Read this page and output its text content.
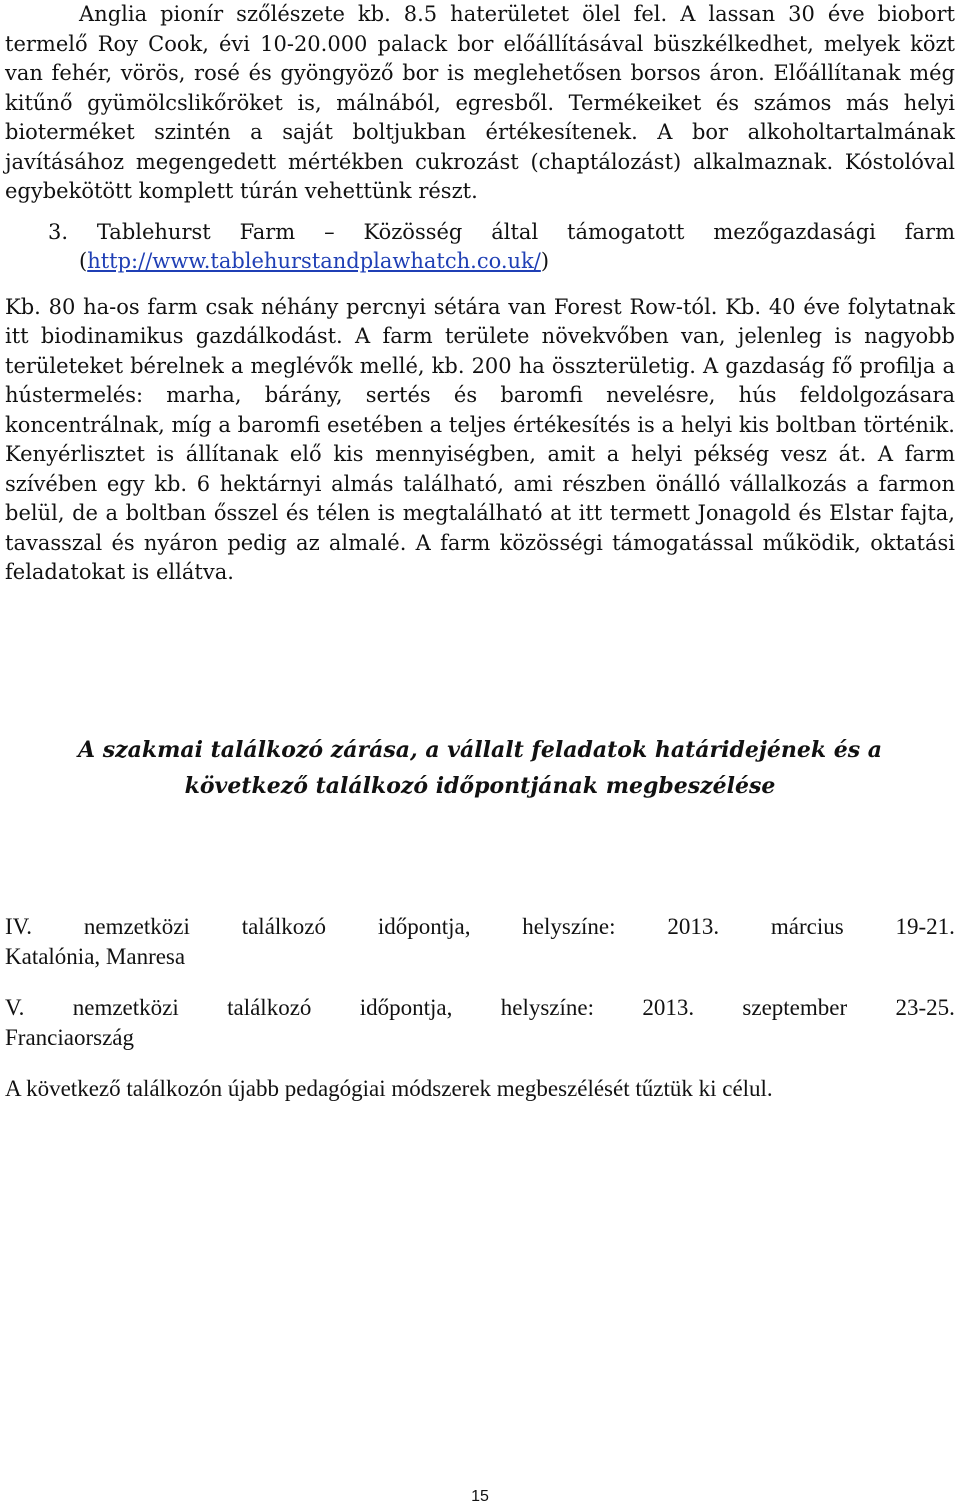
Anglia pionír szőlészete kb. 8.5 haterületet ölel fel. A lassan 30 éve biobort termelő Roy Cook, évi 10-20.000 palack bor előállításával büszkélkedhet, melyek közt van fehér, vörös, rosé és gyöngyöző bor is meglehetősen borsos áron. Előállítanak még kitűnő gyümölcslikőröket is, málnából, egresből. Termékeiket és számos más helyi bioterméket szintén a saját boltjukban értékesítenek. A bor alkoholtartalmának javításához megengedett mértékben cukrozást (chaptálozást) alkalmaznak. Kóstolóval egybekötött komplett túrán vehettünk részt.

3. Tablehurst Farm – Közösség által támogatott mezőgazdasági farm
(http://www.tablehurstandplawhatch.co.uk/)

Kb. 80 ha-os farm csak néhány percnyi sétára van Forest Row-tól. Kb. 40 éve folytatnak itt biodinamikus gazdálkodást. A farm területe növekvőben van, jelenleg is nagyobb területeket bérelnek a meglévők mellé, kb. 200 ha összterületig. A gazdaság fő profilja a hústermelés: marha, bárány, sertés és baromfi nevelésre, hús feldolgozásara koncentrálnak, míg a baromfi esetében a teljes értékesítés is a helyi kis boltban történik. Kenyérlisztet is állítanak elő kis mennyiségben, amit a helyi pékség vesz át. A farm szívében egy kb. 6 hektárnyi almás található, ami részben önálló vállalkozás a farmon belül, de a boltban ősszel és télen is megtalálható at itt termett Jonagold és Elstar fajta, tavasszal és nyáron pedig az almalé. A farm közösségi támogatással működik, oktatási feladatokat is ellátva.

A szakmai találkozó zárása, a vállalt feladatok határidejének és a
következő találkozó időpontjának megbeszélése
IV. nemzetközi találkozó időpontja, helyszíne: 2013. március 19-21.
Katalónia, Manresa
V. nemzetközi találkozó időpontja, helyszíne: 2013. szeptember 23-25.
Franciaország

A következő találkozón újabb pedagógiai módszerek megbeszélését tűztük ki célul.

15
